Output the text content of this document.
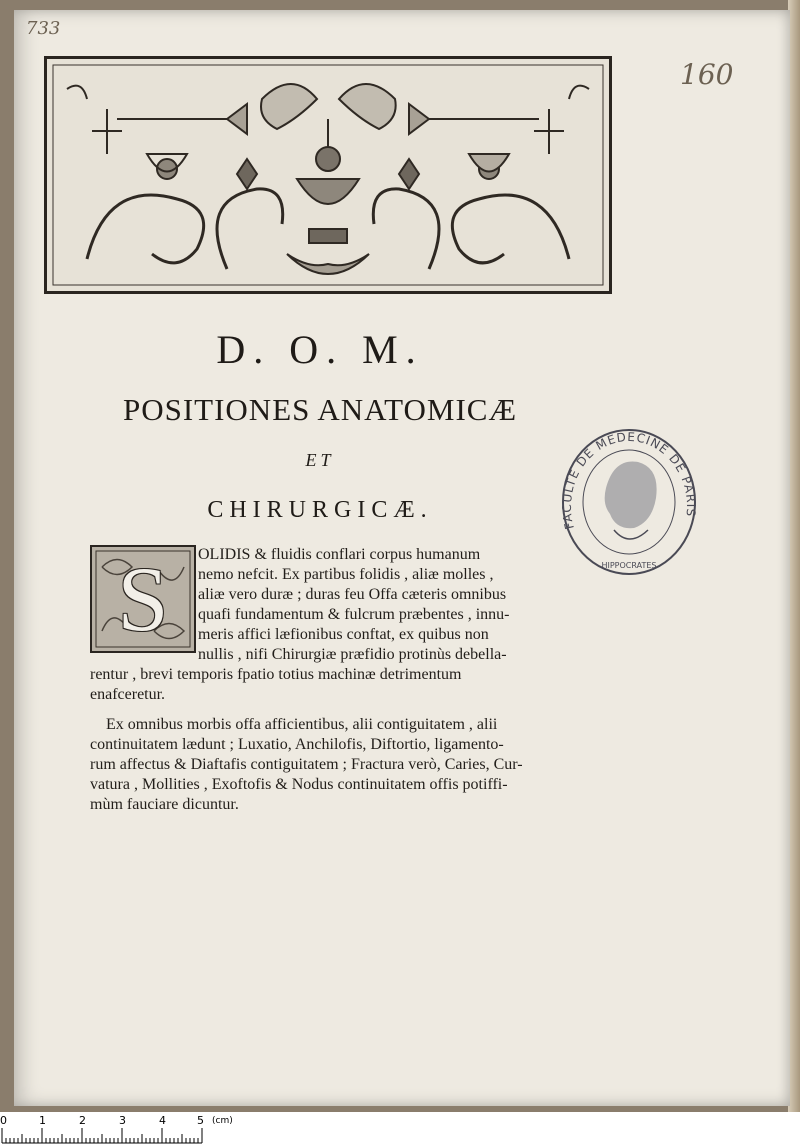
733
160
D. O. M.
POSITIONES ANATOMICÆ
ET
CHIRURGICÆ.
S	OLIDIS & fluidis conflari corpus humanum
nemo nefcit. Ex partibus folidis , aliæ molles ,
aliæ vero duræ ; duras feu Offa cæteris omnibus
quafi fundamentum & fulcrum præbentes , innu-
meris affici læfionibus conftat, ex quibus non
nullis , nifi Chirurgiæ præfidio protinùs debella-
rentur , brevi temporis fpatio totius machinæ detrimentum
enafceretur.
Ex omnibus morbis offa afficientibus, alii contiguitatem , alii
continuitatem lædunt ; Luxatio, Anchilofis, Diftortio, ligamento-
rum affectus & Diaftafis contiguitatem ; Fractura verò, Caries, Cur-
vatura , Mollities , Exoftofis & Nodus continuitatem offis potiffi-
mùm fauciare dicuntur.
FACULTE DE MEDECINE DE PARIS
HIPPOCRATES
0	1	2	3	4	5 (cm)
